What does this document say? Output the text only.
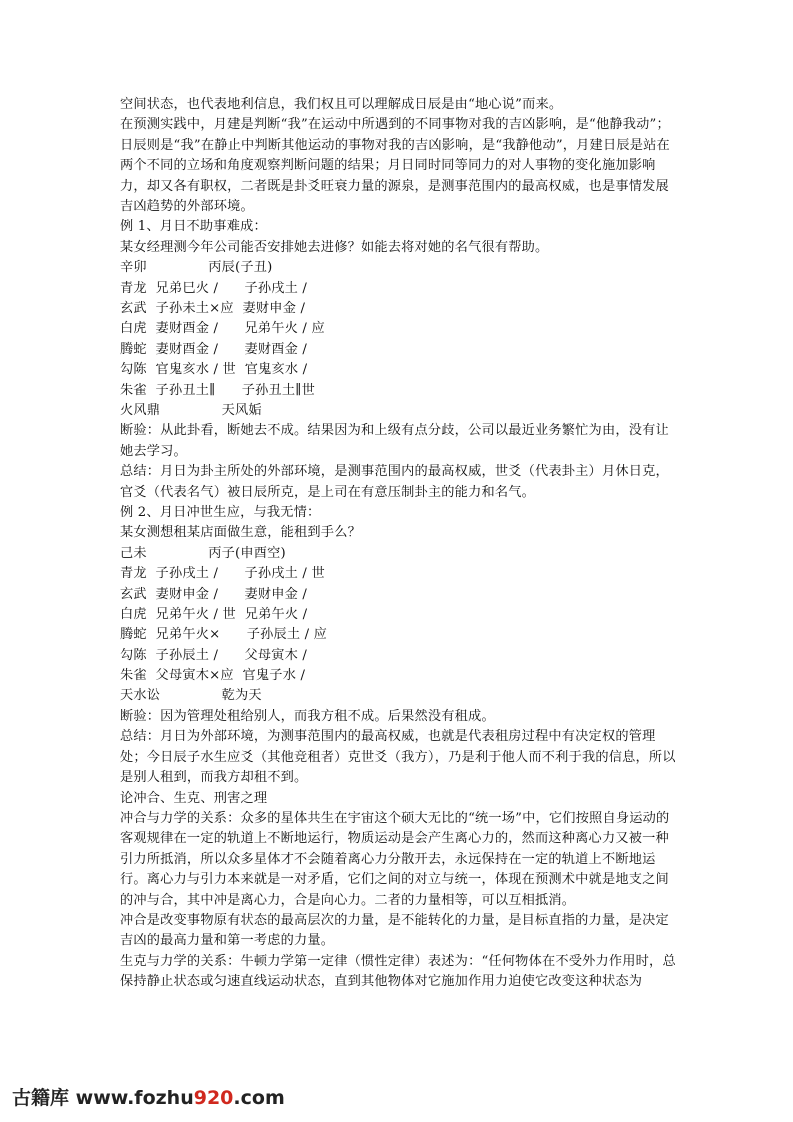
空间状态，也代表地利信息，我们权且可以理解成日辰是由“地心说”而来。
在预测实践中，月建是判断“我”在运动中所遇到的不同事物对我的吉凶影响，是“他静我动”；日辰则是“我”在静止中判断其他运动的事物对我的吉凶影响，是“我静他动”，月建日辰是站在两个不同的立场和角度观察判断问题的结果；月日同时同等同力的对人事物的变化施加影响力，却又各有职权，二者既是卦爻旺衰力量的源泉，是测事范围内的最高权威，也是事情发展吉凶趋势的外部环境。
例 1、月日不助事难成：
某女经理测今年公司能否安排她去进修？如能去将对她的名气很有帮助。
辛卯              丙辰(子丑)
青龙  兄弟巳火 /      子孙戌土 /
玄武  子孙未土×应  妻财申金 /
白虎  妻财酉金 /      兄弟午火 / 应
腾蛇  妻财酉金 /      妻财酉金 /
勾陈  官鬼亥水 / 世  官鬼亥水 /
朱雀  子孙丑土∥      子孙丑土∥世
火风鼎              天风姤
断验：从此卦看，断她去不成。结果因为和上级有点分歧，公司以最近业务繁忙为由，没有让她去学习。
总结：月日为卦主所处的外部环境，是测事范围内的最高权威，世爻（代表卦主）月休日克，官爻（代表名气）被日辰所克，是上司在有意压制卦主的能力和名气。
例 2、月日冲世生应，与我无情：
某女测想租某店面做生意，能租到手么？
己未              丙子(申酉空)
青龙  子孙戌土 /      子孙戌土 / 世
玄武  妻财申金 /      妻财申金 /
白虎  兄弟午火 / 世  兄弟午火 /
腾蛇  兄弟午火×      子孙辰土 / 应
勾陈  子孙辰土 /      父母寅木 /
朱雀  父母寅木×应  官鬼子水 /
天水讼              乾为天
断验：因为管理处租给别人，而我方租不成。后果然没有租成。
总结：月日为外部环境，为测事范围内的最高权威，也就是代表租房过程中有决定权的管理处；今日辰子水生应爻（其他竞租者）克世爻（我方），乃是利于他人而不利于我的信息，所以是别人租到，而我方却租不到。
论冲合、生克、刑害之理
冲合与力学的关系：众多的星体共生在宇宙这个硕大无比的“统一场”中，它们按照自身运动的客观规律在一定的轨道上不断地运行，物质运动是会产生离心力的，然而这种离心力又被一种引力所抵消，所以众多星体才不会随着离心力分散开去，永远保持在一定的轨道上不断地运行。离心力与引力本来就是一对矛盾，它们之间的对立与统一，体现在预测术中就是地支之间的冲与合，其中冲是离心力，合是向心力。二者的力量相等，可以互相抵消。
冲合是改变事物原有状态的最高层次的力量，是不能转化的力量，是目标直指的力量，是决定吉凶的最高力量和第一考虑的力量。
生克与力学的关系：牛顿力学第一定律（惯性定律）表述为：“任何物体在不受外力作用时，总保持静止状态或匀速直线运动状态，直到其他物体对它施加作用力迫使它改变这种状态为
古籍库 www.fozhu920.com
